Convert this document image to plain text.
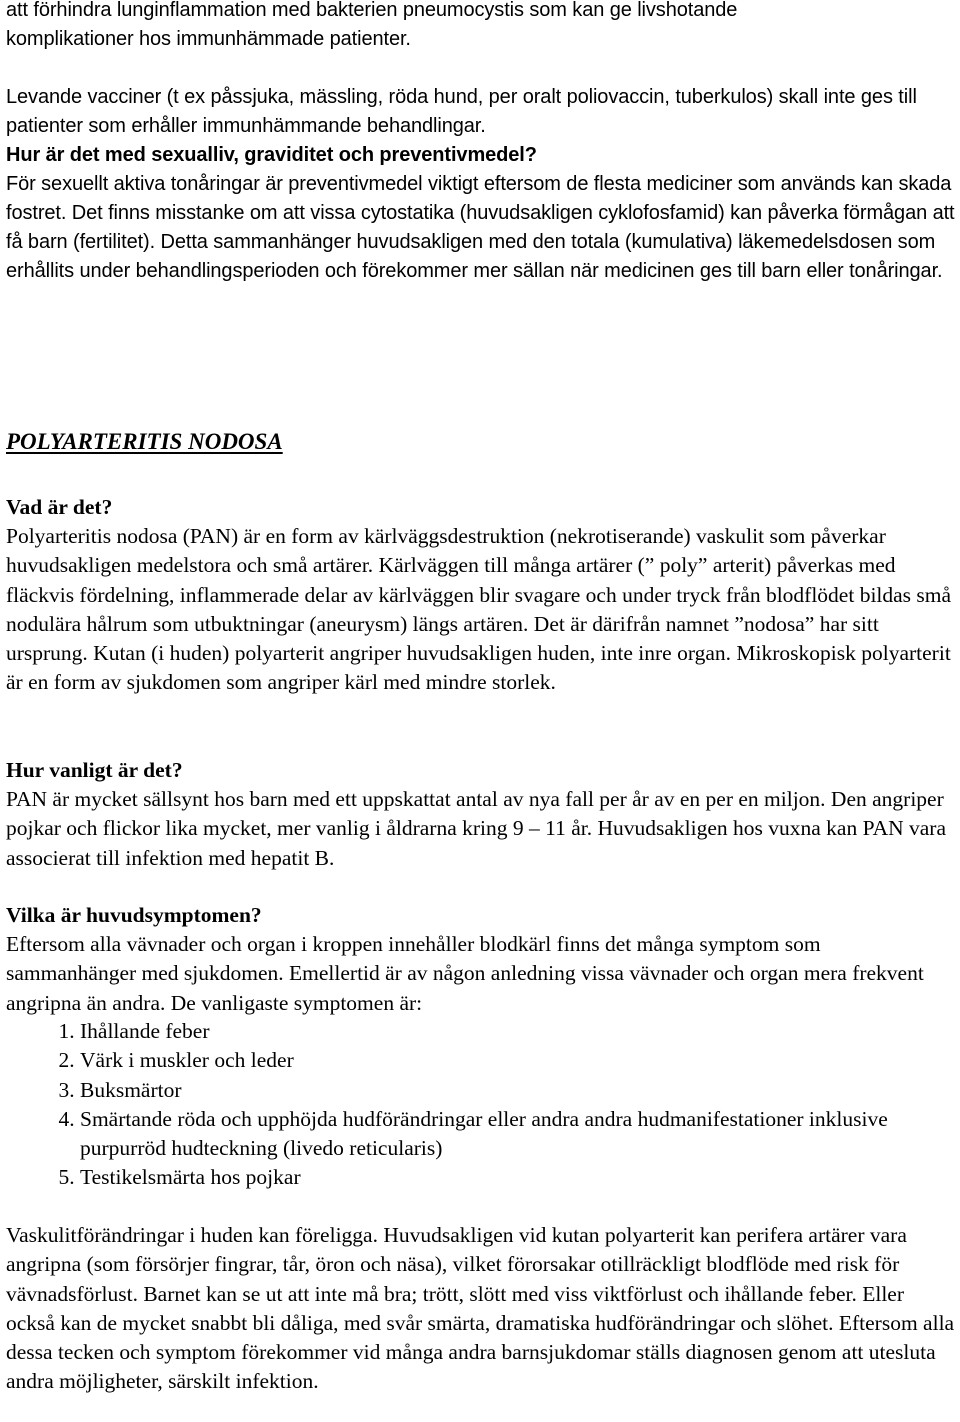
att förhindra lunginflammation med bakterien pneumocystis som kan ge livshotande komplikationer hos immunhämmade patienter.

Levande vacciner (t ex påssjuka, mässling, röda hund, per oralt poliovaccin, tuberkulos) skall inte ges till patienter som erhåller immunhämmande behandlingar.

Hur är det med sexualliv, graviditet och preventivmedel?

För sexuellt aktiva tonåringar är preventivmedel viktigt eftersom de flesta mediciner som används kan skada fostret. Det finns misstanke om att vissa cytostatika (huvudsakligen cyklofosfamid) kan påverka förmågan att få barn (fertilitet). Detta sammanhänger huvudsakligen med den totala (kumulativa) läkemedelsdosen som erhållits under behandlingsperioden och förekommer mer sällan när medicinen ges till barn eller tonåringar.

POLYARTERITIS NODOSA

Vad är det?

Polyarteritis nodosa (PAN) är en form av kärlväggsdestruktion (nekrotiserande) vaskulit som påverkar huvudsakligen medelstora och små artärer. Kärlväggen till många artärer (” poly” arterit) påverkas med fläckvis fördelning, inflammerade delar av kärlväggen blir svagare och under tryck från blodflödet bildas små nodulära hålrum som utbuktningar (aneurysm) längs artären. Det är därifrån namnet ”nodosa” har sitt ursprung. Kutan (i huden) polyarterit angriper huvudsakligen huden, inte inre organ. Mikroskopisk polyarterit är en form av sjukdomen som angriper kärl med mindre storlek.

Hur vanligt är det?

PAN är mycket sällsynt hos barn med ett uppskattat antal av nya fall per år av en per en miljon. Den angriper pojkar och flickor lika mycket, mer vanlig i åldrarna kring 9 – 11 år. Huvudsakligen hos vuxna kan PAN vara associerat till infektion med hepatit B.

Vilka är huvudsymptomen?

Eftersom alla vävnader och organ i kroppen innehåller blodkärl finns det många symptom som sammanhänger med sjukdomen. Emellertid är av någon anledning vissa vävnader och organ mera frekvent angripna än andra. De vanligaste symptomen är:

1. Ihållande feber
2. Värk i muskler och leder
3. Buksmärtor
4. Smärtande röda och upphöjda hudförändringar eller andra andra hudmanifestationer inklusive purpurröd hudteckning (livedo reticularis)
5. Testikelsmärta hos pojkar

Vaskulitförändringar i huden kan föreligga. Huvudsakligen vid kutan polyarterit kan perifera artärer vara angripna (som försörjer fingrar, tår, öron och näsa), vilket förorsakar otillräckligt blodflöde med risk för vävnadsförlust. Barnet kan se ut att inte må bra; trött, slött med viss viktförlust och ihållande feber. Eller också kan de mycket snabbt bli dåliga, med svår smärta, dramatiska hudförändringar och slöhet. Eftersom alla dessa tecken och symptom förekommer vid många andra barnsjukdomar ställs diagnosen genom att utesluta andra möjligheter, särskilt infektion.
